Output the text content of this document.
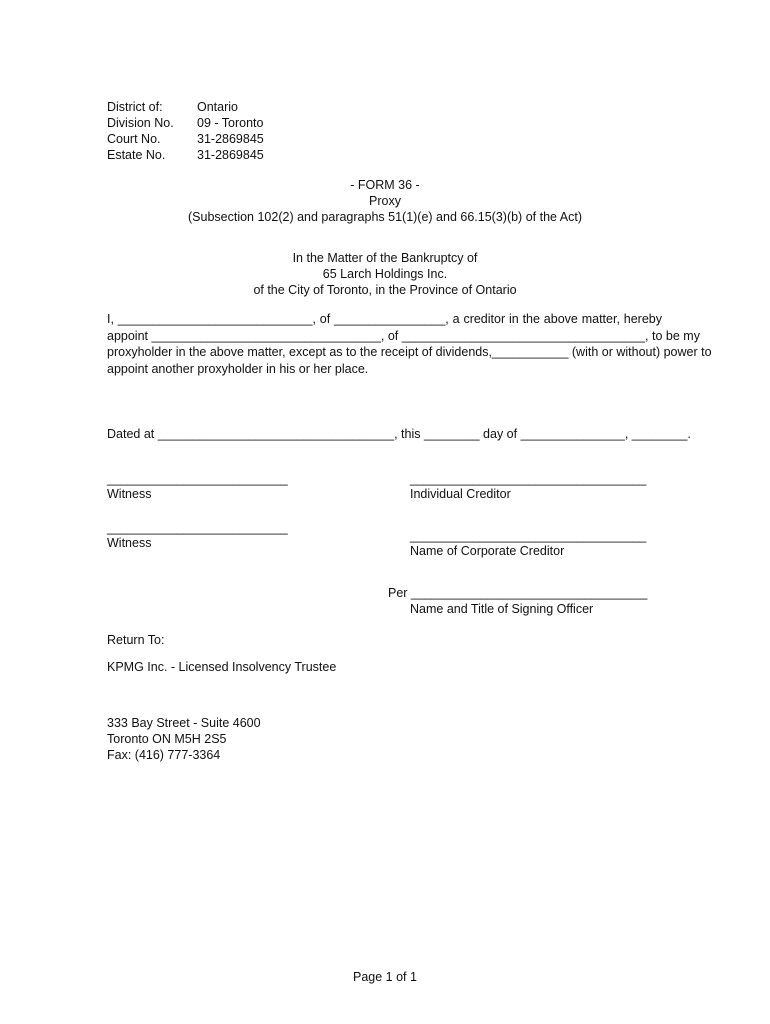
District of:	Ontario
Division No. 09 - Toronto
Court No.	31-2869845
Estate No.	31-2869845
- FORM 36 -
Proxy
(Subsection 102(2) and paragraphs 51(1)(e) and 66.15(3)(b) of the Act)
In the Matter of the Bankruptcy of
65 Larch Holdings Inc.
of the City of Toronto, in the Province of Ontario
I, ____________________________, of ________________, a creditor in the above matter, hereby
appoint _________________________________, of ___________________________________, to be my
proxyholder in the above matter, except as to the receipt of dividends,___________ (with or without) power to
appoint another proxyholder in his or her place.
Dated at __________________________________, this ________ day of _______________, ________.
__________________________
Witness
__________________________
Witness
__________________________________
Individual Creditor
__________________________________
Name of Corporate Creditor
Per __________________________________
Name and Title of Signing Officer
Return To:
KPMG Inc. - Licensed Insolvency Trustee
333 Bay Street - Suite 4600
Toronto ON M5H 2S5
Fax: (416) 777-3364
Page 1 of 1
